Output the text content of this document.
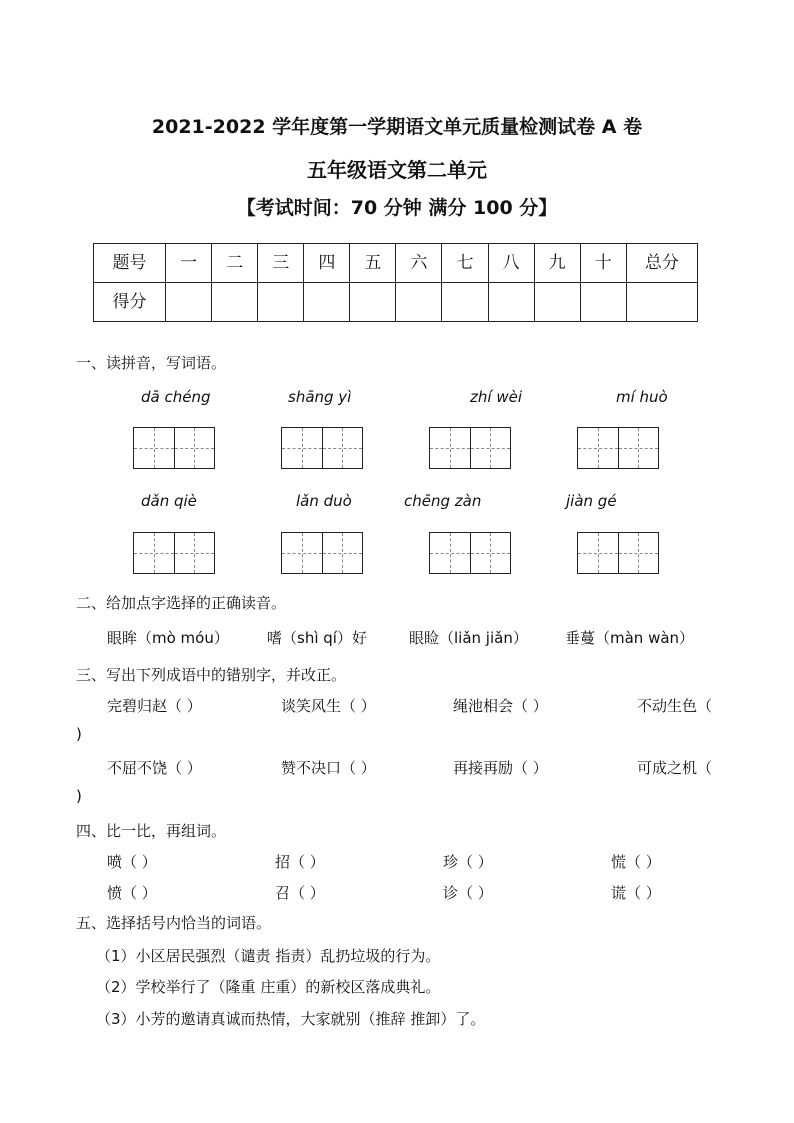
2021-2022 学年度第一学期语文单元质量检测试卷 A 卷
五年级语文第二单元
【考试时间：70 分钟 满分 100 分】
题号	一	二	三	四	五	六	七	八	九	十	总分
得分											
一、读拼音，写词语。
dā chéng	shāng yì	zhí wèi	mí huò
dǎn qiè	lǎn duò	chēng zàn	jiàn gé
二、给加点字选择的正确读音。
眼眸（mò móu）	嗜（shì qí）好	眼睑（liǎn jiǎn） 垂蔓（màn wàn）
三、写出下列成语中的错别字，并改正。
完碧归赵（ ）	谈笑风生（ ）	绳池相会（ ）	不动生色（
)
不屈不饶（ ）	赞不决口（ ）	再接再励（ ）	可成之机（
)
四、比一比，再组词。
喷（ ）	招（ ）	珍（ ）	慌（ ）
愤（ ）	召（ ）	诊（ ）	谎（ ）
五、选择括号内恰当的词语。
（1）小区居民强烈（谴责 指责）乱扔垃圾的行为。
（2）学校举行了（隆重 庄重）的新校区落成典礼。
（3）小芳的邀请真诚而热情，大家就别（推辞 推卸）了。
